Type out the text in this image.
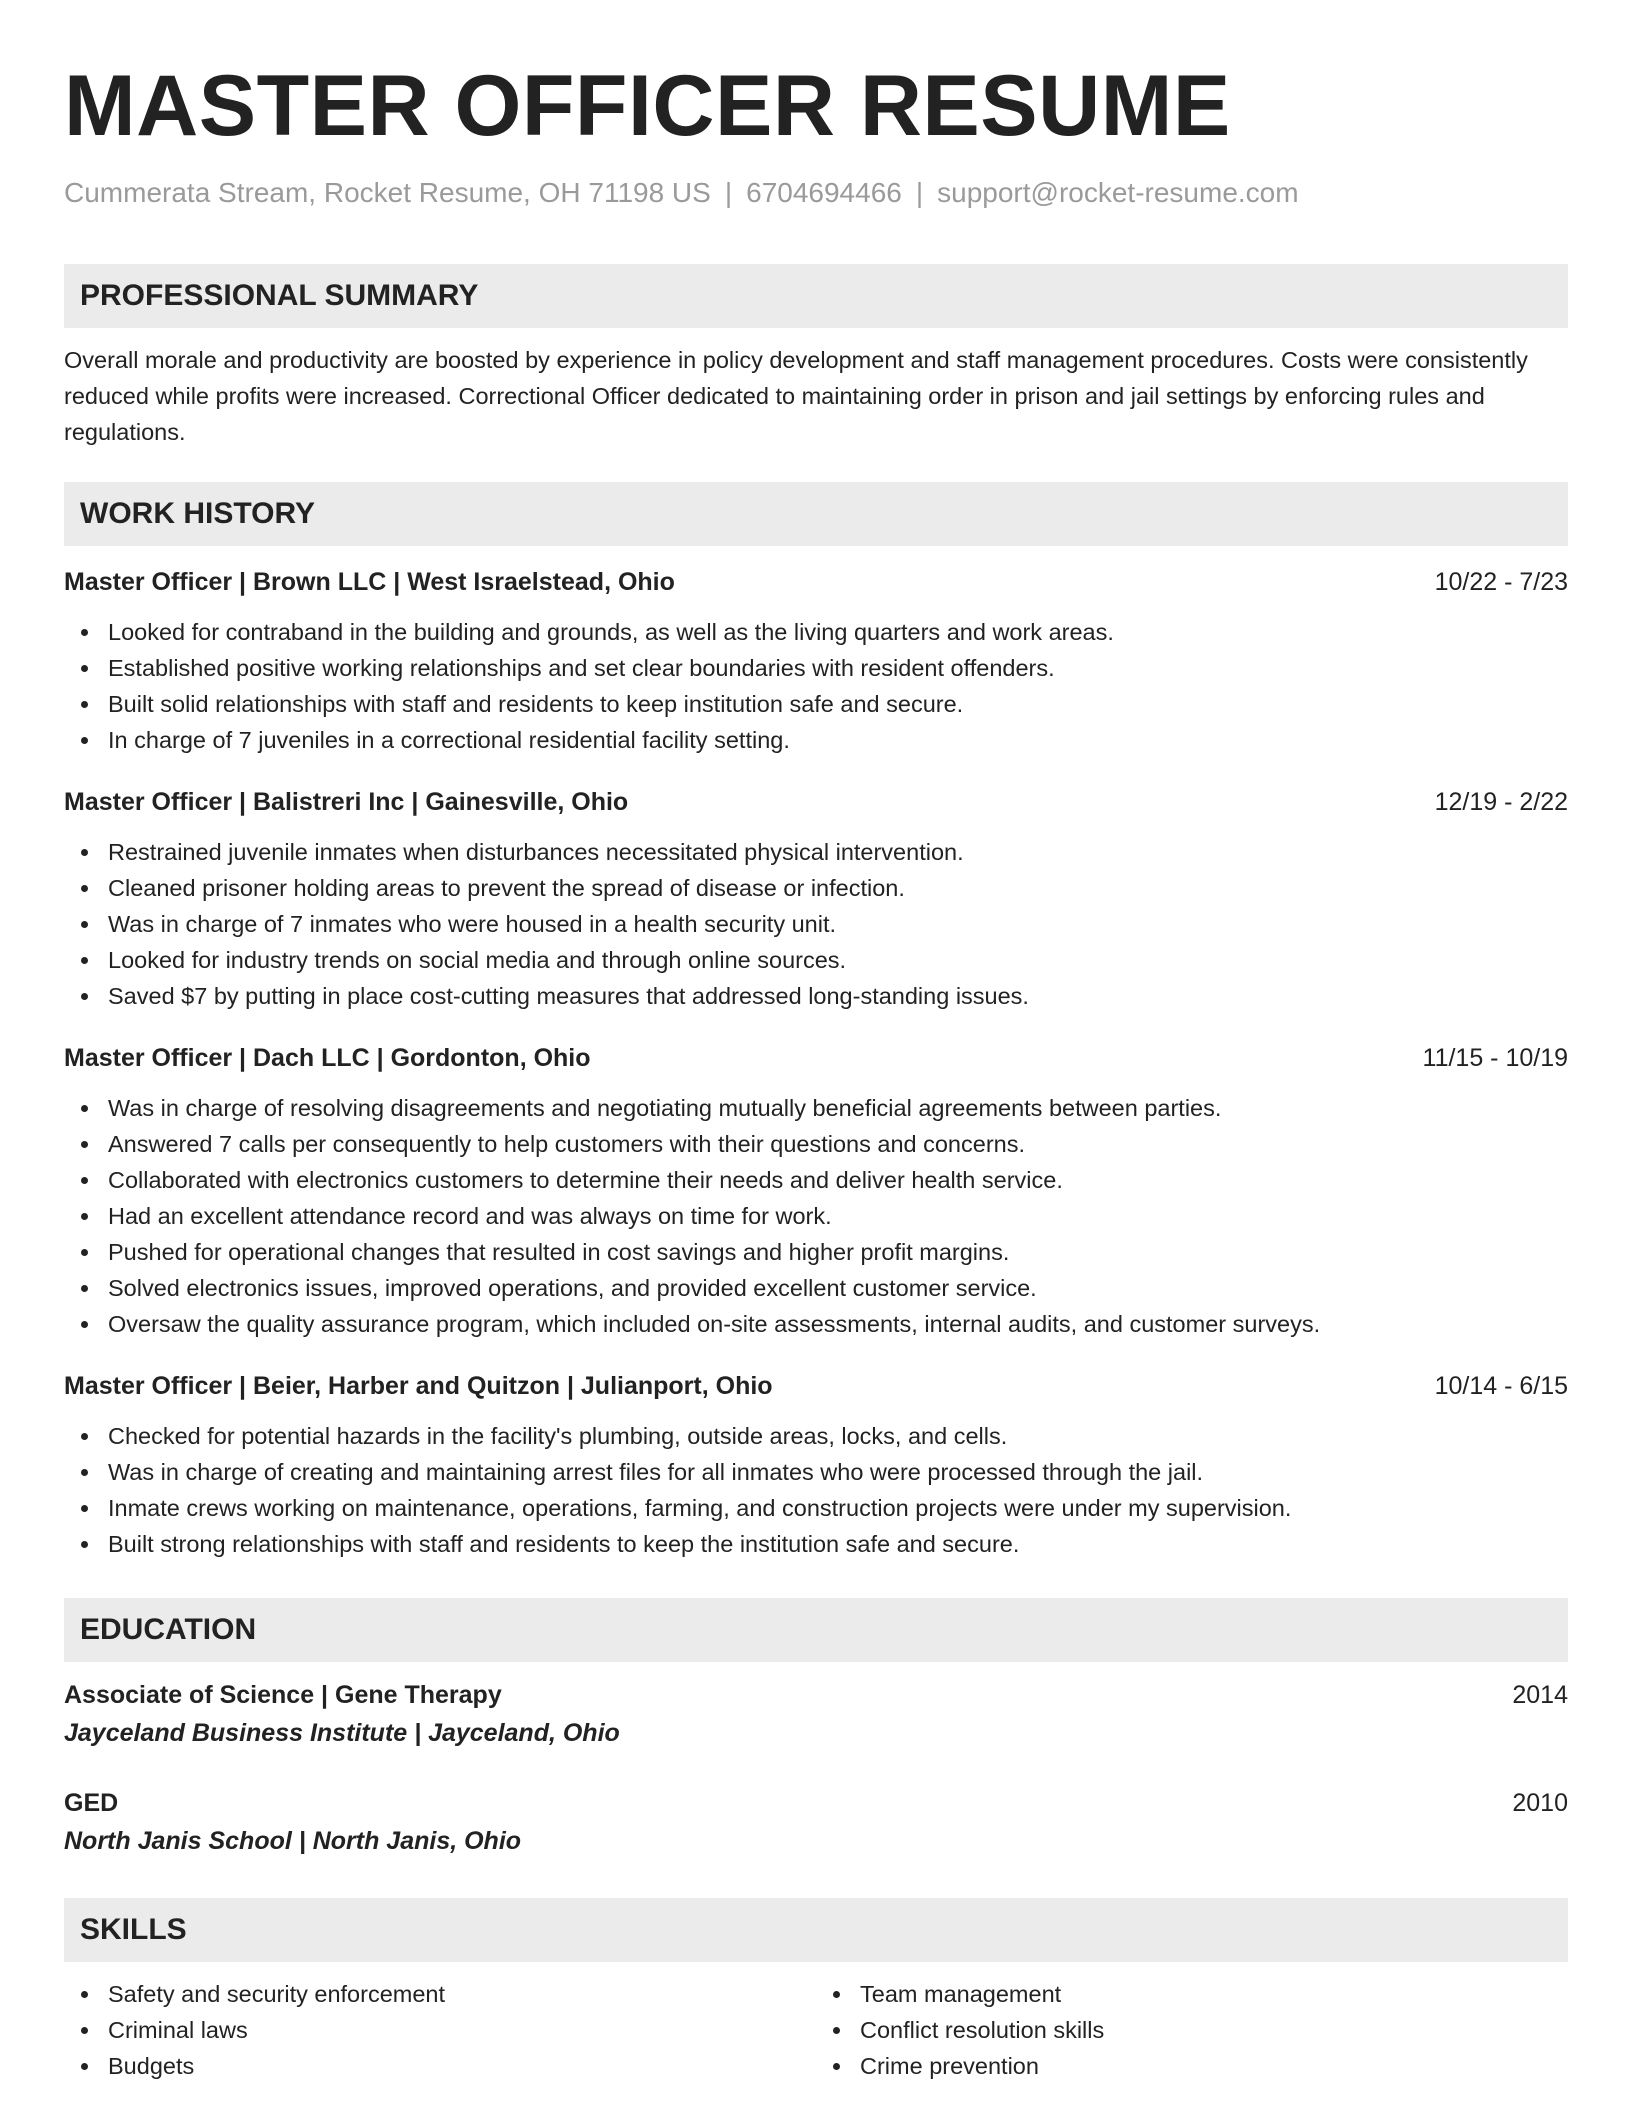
MASTER OFFICER RESUME
Cummerata Stream, Rocket Resume, OH 71198 US | 6704694466 | support@rocket-resume.com
PROFESSIONAL SUMMARY
Overall morale and productivity are boosted by experience in policy development and staff management procedures. Costs were consistently reduced while profits were increased. Correctional Officer dedicated to maintaining order in prison and jail settings by enforcing rules and regulations.
WORK HISTORY
Master Officer | Brown LLC | West Israelstead, Ohio	10/22 - 7/23
Looked for contraband in the building and grounds, as well as the living quarters and work areas.
Established positive working relationships and set clear boundaries with resident offenders.
Built solid relationships with staff and residents to keep institution safe and secure.
In charge of 7 juveniles in a correctional residential facility setting.
Master Officer | Balistreri Inc | Gainesville, Ohio	12/19 - 2/22
Restrained juvenile inmates when disturbances necessitated physical intervention.
Cleaned prisoner holding areas to prevent the spread of disease or infection.
Was in charge of 7 inmates who were housed in a health security unit.
Looked for industry trends on social media and through online sources.
Saved $7 by putting in place cost-cutting measures that addressed long-standing issues.
Master Officer | Dach LLC | Gordonton, Ohio	11/15 - 10/19
Was in charge of resolving disagreements and negotiating mutually beneficial agreements between parties.
Answered 7 calls per consequently to help customers with their questions and concerns.
Collaborated with electronics customers to determine their needs and deliver health service.
Had an excellent attendance record and was always on time for work.
Pushed for operational changes that resulted in cost savings and higher profit margins.
Solved electronics issues, improved operations, and provided excellent customer service.
Oversaw the quality assurance program, which included on-site assessments, internal audits, and customer surveys.
Master Officer | Beier, Harber and Quitzon | Julianport, Ohio	10/14 - 6/15
Checked for potential hazards in the facility's plumbing, outside areas, locks, and cells.
Was in charge of creating and maintaining arrest files for all inmates who were processed through the jail.
Inmate crews working on maintenance, operations, farming, and construction projects were under my supervision.
Built strong relationships with staff and residents to keep the institution safe and secure.
EDUCATION
Associate of Science | Gene Therapy	2014
Jayceland Business Institute | Jayceland, Ohio
GED	2010
North Janis School | North Janis, Ohio
SKILLS
Safety and security enforcement
Criminal laws
Budgets
Team management
Conflict resolution skills
Crime prevention
